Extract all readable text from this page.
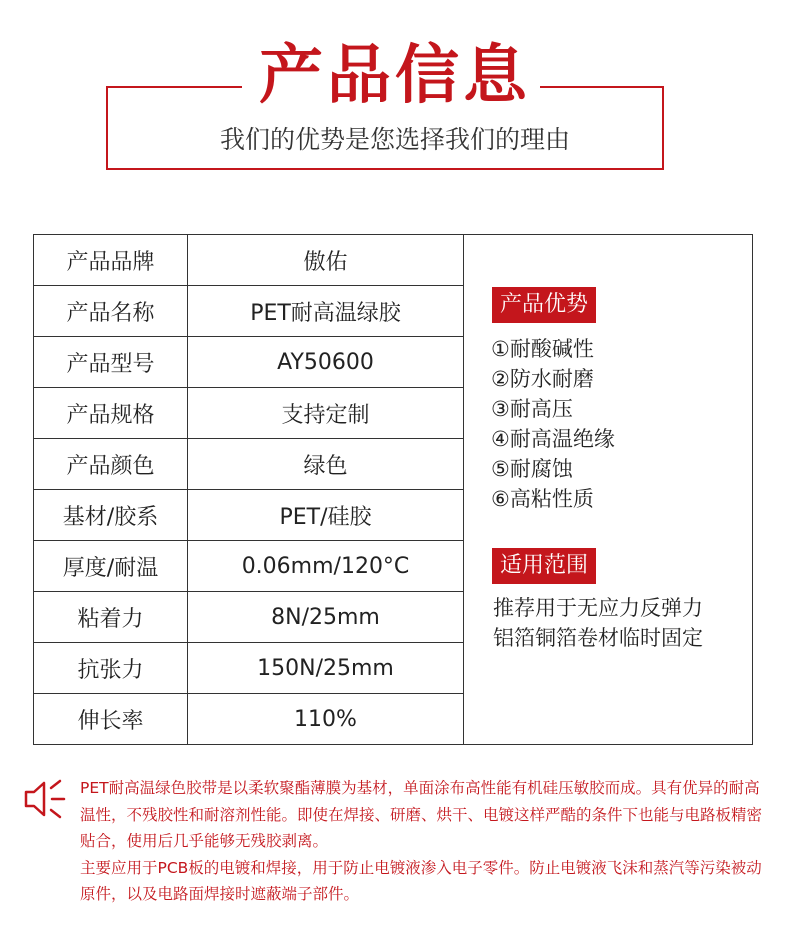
产品信息
我们的优势是您选择我们的理由
产品品牌	傲佑
产品名称	PET耐高温绿胶
产品型号	AY50600
产品规格	支持定制
产品颜色	绿色
基材/胶系	PET/硅胶
厚度/耐温	0.06mm/120°C
粘着力	8N/25mm
抗张力	150N/25mm
伸长率	110%
产品优势
①耐酸碱性
②防水耐磨
③耐高压
④耐高温绝缘
⑤耐腐蚀
⑥高粘性质
适用范围
推荐用于无应力反弹力
铝箔铜箔卷材临时固定

PET耐高温绿色胶带是以柔软聚酯薄膜为基材，单面涂布高性能有机硅压敏胶而成。具有优异的耐高温性，不残胶性和耐溶剂性能。即使在焊接、研磨、烘干、电镀这样严酷的条件下也能与电路板精密贴合，使用后几乎能够无残胶剥离。

主要应用于PCB板的电镀和焊接，用于防止电镀液渗入电子零件。防止电镀液飞沫和蒸汽等污染被动原件，以及电路面焊接时遮蔽端子部件。
